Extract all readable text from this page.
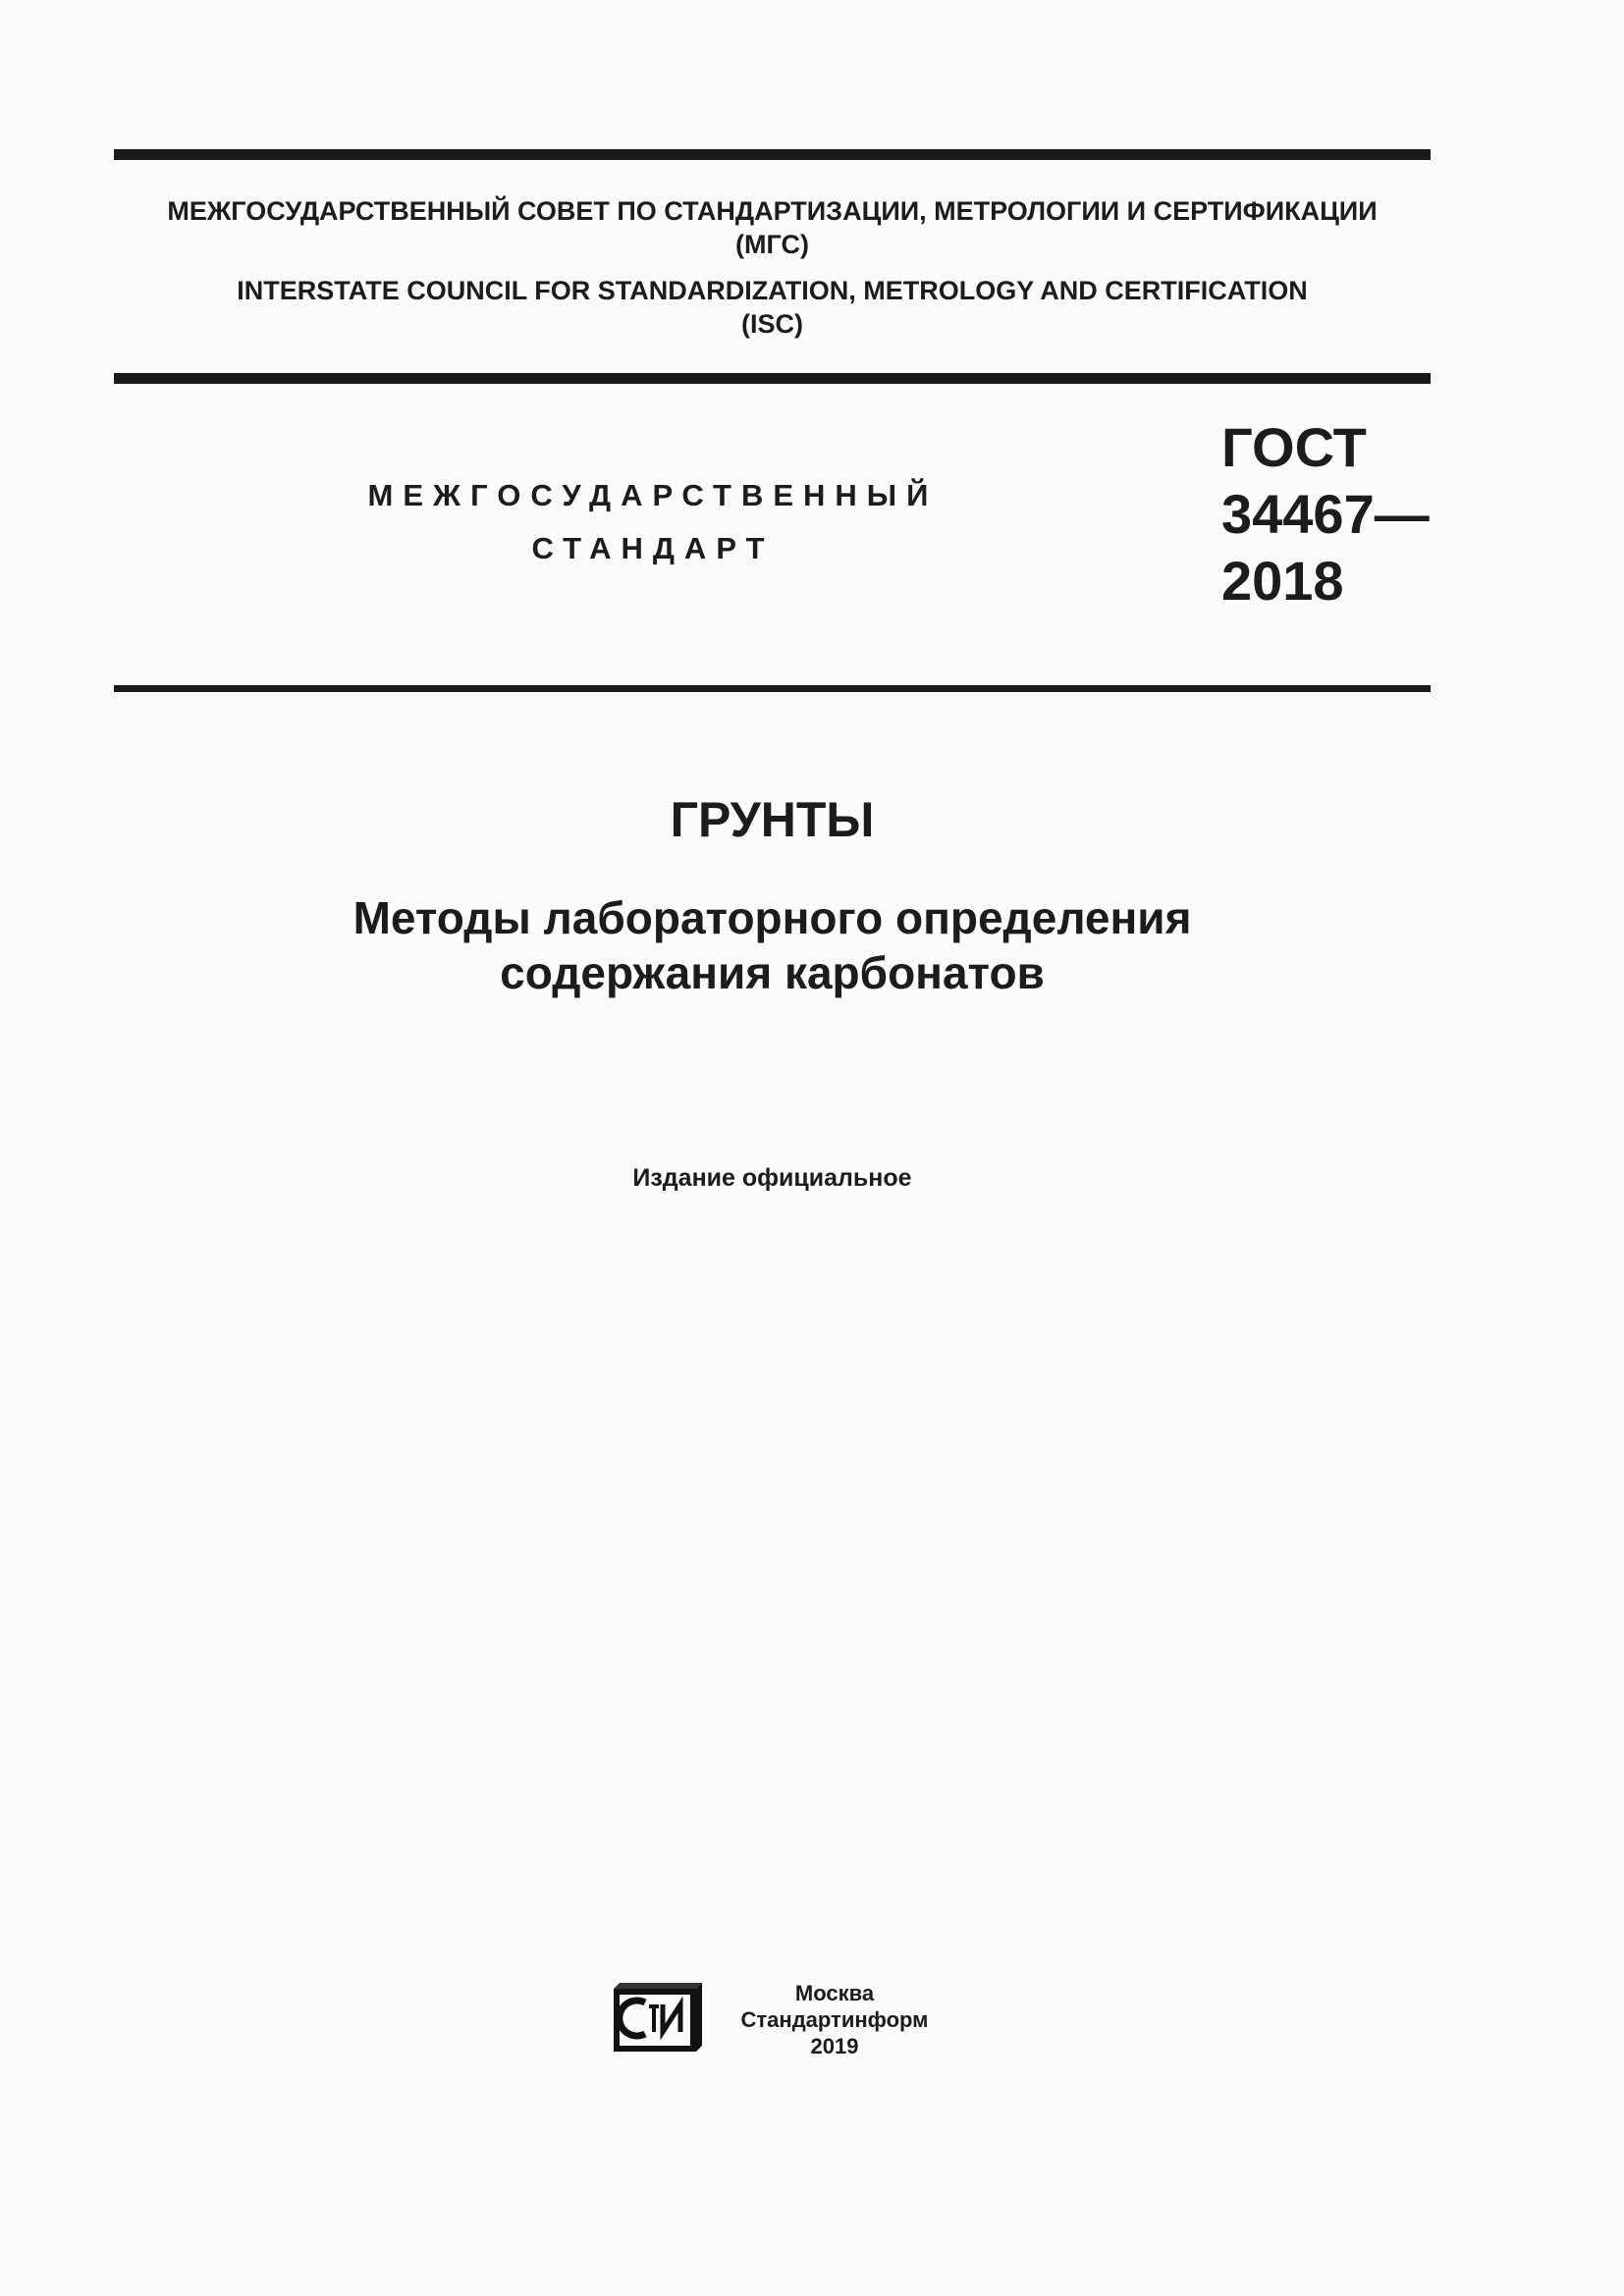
МЕЖГОСУДАРСТВЕННЫЙ СОВЕТ ПО СТАНДАРТИЗАЦИИ, МЕТРОЛОГИИ И СЕРТИФИКАЦИИ
(МГС)
INTERSTATE COUNCIL FOR STANDARDIZATION, METROLOGY AND CERTIFICATION
(ISC)
МЕЖГОСУДАРСТВЕННЫЙ
СТАНДАРТ
ГОСТ
34467—
2018
ГРУНТЫ
Методы лабораторного определения
содержания карбонатов
Издание официальное
Москва
Стандартинформ
2019
